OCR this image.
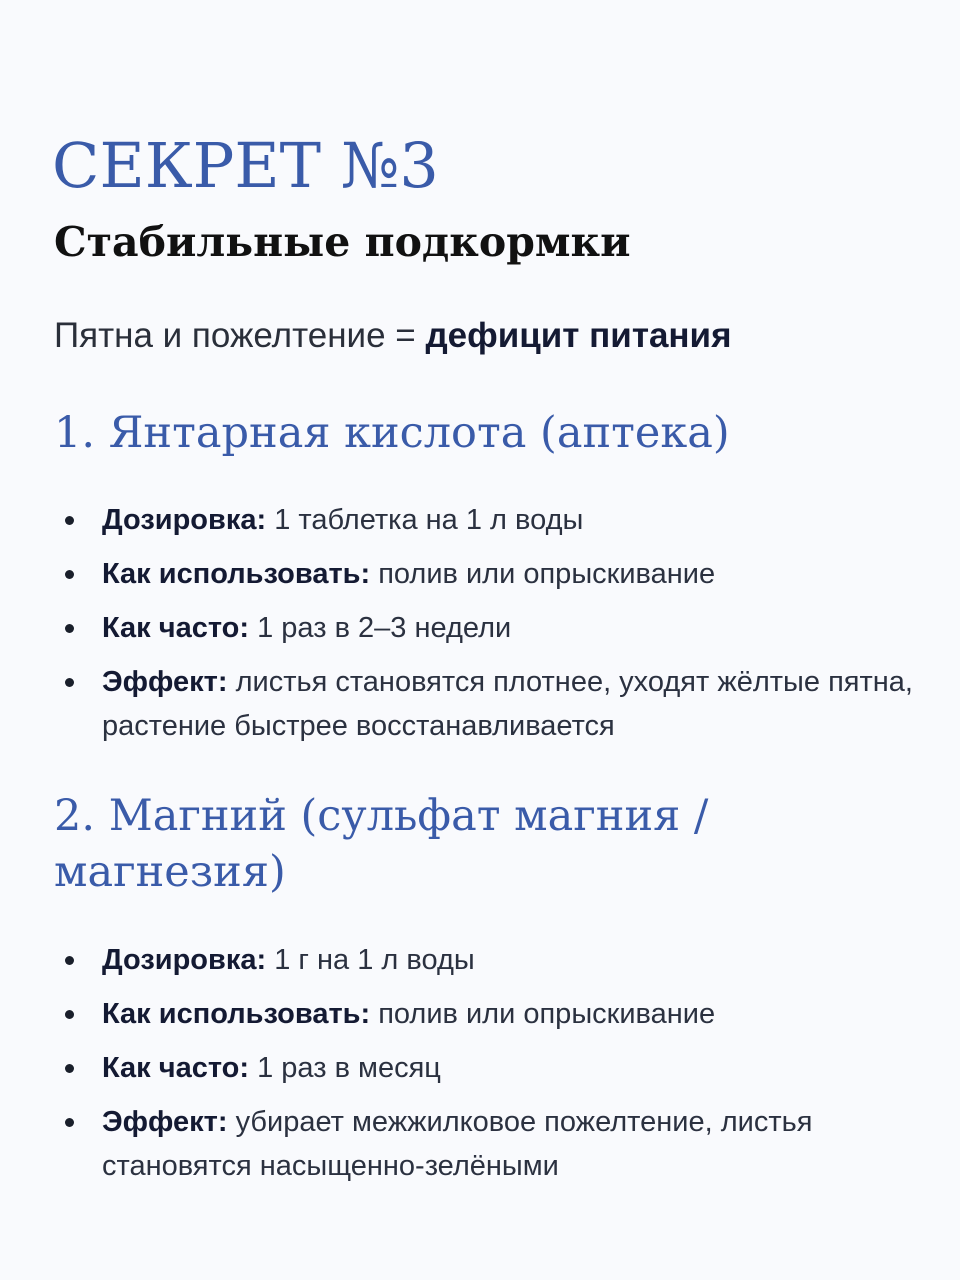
СЕКРЕТ №3
Стабильные подкормки

Пятна и пожелтение = дефицит питания

1. Янтарная кислота (аптека)
Дозировка: 1 таблетка на 1 л воды
Как использовать: полив или опрыскивание
Как часто: 1 раз в 2–3 недели
Эффект: листья становятся плотнее, уходят жёлтые пятна, растение быстрее восстанавливается
2. Магний (сульфат магния / магнезия)
Дозировка: 1 г на 1 л воды
Как использовать: полив или опрыскивание
Как часто: 1 раз в месяц
Эффект: убирает межжилковое пожелтение, листья становятся насыщенно-зелёными
